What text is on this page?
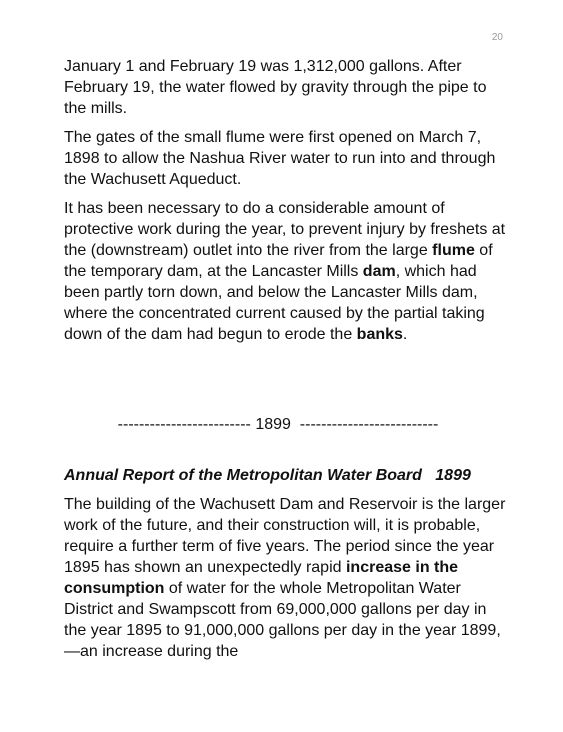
20

January 1 and February 19 was 1,312,000 gallons. After February 19, the water flowed by gravity through the pipe to the mills.

The gates of the small flume were first opened on March 7, 1898 to allow the Nashua River water to run into and through the Wachusett Aqueduct.

It has been necessary to do a considerable amount of protective work during the year, to prevent injury by freshets at the (downstream) outlet into the river from the large flume of the temporary dam, at the Lancaster Mills dam, which had been partly torn down, and below the Lancaster Mills dam, where the concentrated current caused by the partial taking down of the dam had begun to erode the banks.

------------------------- 1899 --------------------------

Annual Report of the Metropolitan Water Board   1899

The building of the Wachusett Dam and Reservoir is the larger work of the future, and their construction will, it is probable, require a further term of five years. The period since the year 1895 has shown an unexpectedly rapid increase in the consumption of water for the whole Metropolitan Water District and Swampscott from 69,000,000 gallons per day in the year 1895 to 91,000,000 gallons per day in the year 1899, —an increase during the
